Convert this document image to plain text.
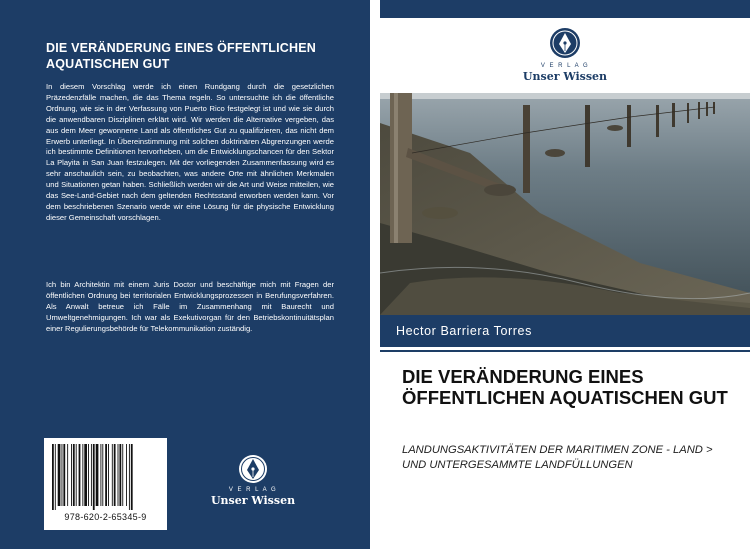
DIE VERÄNDERUNG EINES ÖFFENTLICHEN AQUATISCHEN GUT
In diesem Vorschlag werde ich einen Rundgang durch die gesetzlichen Präzedenzfälle machen, die das Thema regeln. So untersuchte ich die öffentliche Ordnung, wie sie in der Verfassung von Puerto Rico festgelegt ist und wie sie durch die anwendbaren Disziplinen erklärt wird. Wir werden die Alternative vergeben, das aus dem Meer gewonnene Land als öffentliches Gut zu qualifizieren, das nicht dem Erwerb unterliegt. In Übereinstimmung mit solchen doktrinären Abgrenzungen werde ich bestimmte Definitionen hervorheben, um die Entwicklungschancen für den Sektor La Playita in San Juan festzulegen. Mit der vorliegenden Zusammenfassung wird es sehr anschaulich sein, zu beobachten, was andere Orte mit ähnlichen Merkmalen und Situationen getan haben. Schließlich werden wir die Art und Weise mitteilen, wie das See-Land-Gebiet nach dem geltenden Rechtsstand erworben werden kann. Vor dem beschriebenen Szenario werde wir eine Lösung für die physische Entwicklung dieser Gemeinschaft vorschlagen.
Ich bin Architektin mit einem Juris Doctor und beschäftige mich mit Fragen der öffentlichen Ordnung bei territorialen Entwicklungsprozessen in Berufungsverfahren. Als Anwalt betreue ich Fälle im Zusammenhang mit Baurecht und Umweltgenehmigungen. Ich war als Exekutivorgan für den Betriebskontinuitätsplan einer Regulierungsbehörde für Telekommunikation zuständig.
978-620-2-65345-9
V E R L A G
Unser Wissen
V E R L A G
Unser Wissen
Hector Barriera Torres
DIE VERÄNDERUNG EINES ÖFFENTLICHEN AQUATISCHEN GUT
LANDUNGSAKTIVITÄTEN DER MARITIMEN ZONE - LAND > UND UNTERGESAMMTE LANDFÜLLUNGEN
